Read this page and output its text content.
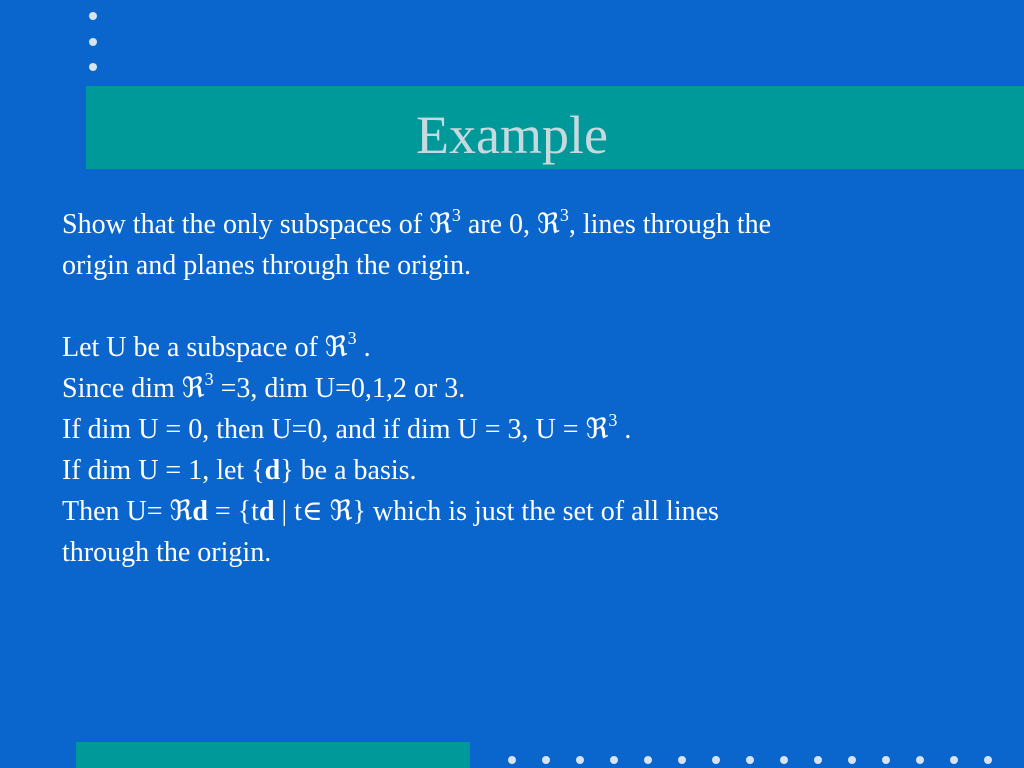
Example

Show that the only subspaces of ℜ$^3$ are 0, ℜ$^3$, lines through the

origin and planes through the origin.

Let U be a subspace of ℜ$^3$ .

Since dim ℜ$^3$ =3, dim U=0,1,2 or 3.

If dim U = 0, then U=0, and if dim U = 3, U = ℜ$^3$ .

If dim U = 1, let {d} be a basis.

Then U= ℜd = {td | t∈ ℜ} which is just the set of all lines

through the origin.
